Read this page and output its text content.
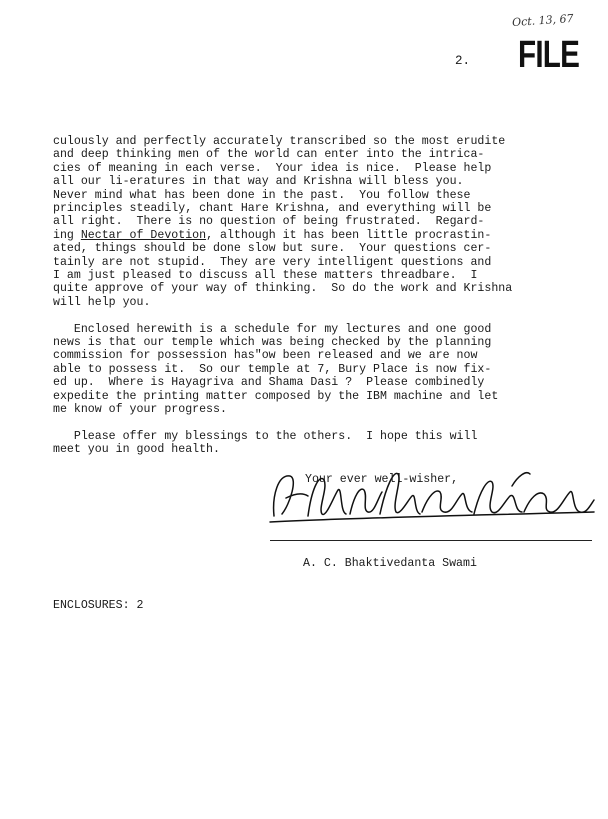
Oct. 13, 67
FILE
2.

culously and perfectly accurately transcribed so the most erudite

and deep thinking men of the world can enter into the intrica-

cies of meaning in each verse.  Your idea is nice.  Please help

all our li-eratures in that way and Krishna will bless you.

Never mind what has been done in the past.  You follow these

principles steadily, chant Hare Krishna, and everything will be

all right.  There is no question of being frustrated.  Regard-

ing Nectar of Devotion, although it has been little procrastin-

ated, things should be done slow but sure.  Your questions cer-

tainly are not stupid.  They are very intelligent questions and

I am just pleased to discuss all these matters threadbare.  I

quite approve of your way of thinking.  So do the work and Krishna

will help you.

Enclosed herewith is a schedule for my lectures and one good

news is that our temple which was being checked by the planning

commission for possession has"ow been released and we are now

able to possess it.  So our temple at 7, Bury Place is now fix-

ed up.  Where is Hayagriva and Shama Dasi ?  Please combinedly

expedite the printing matter composed by the IBM machine and let

me know of your progress.

Please offer my blessings to the others.  I hope this will

meet you in good health.

Your ever well-wisher,
A. C. Bhaktivedanta Swami
ENCLOSURES: 2
